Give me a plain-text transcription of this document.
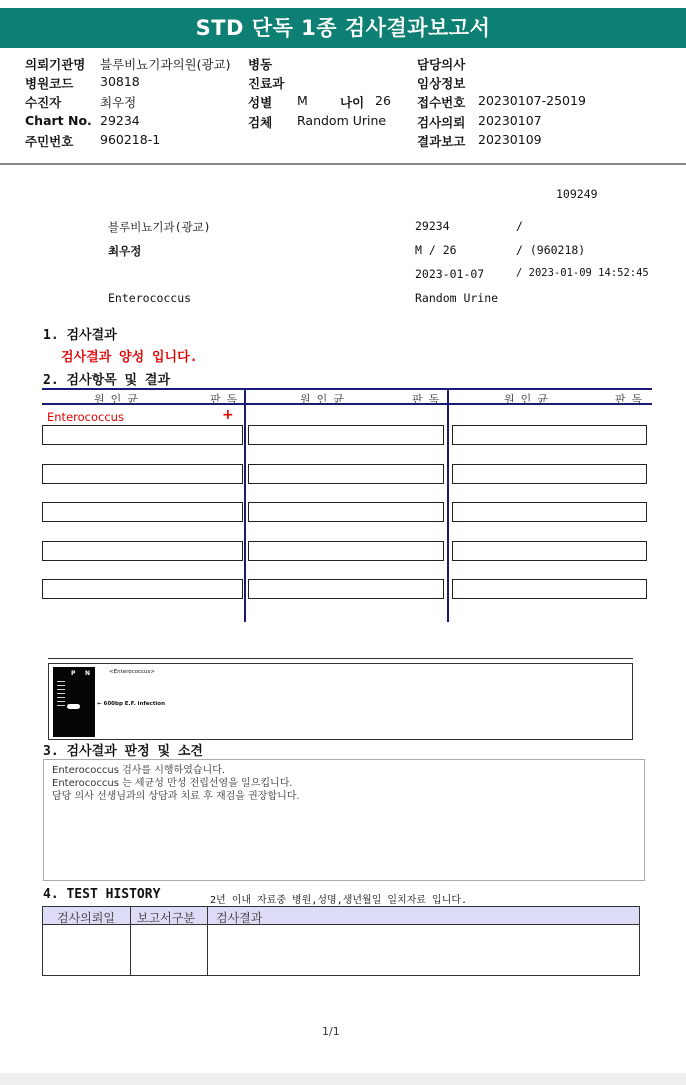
STD 단독 1종 검사결과보고서
의뢰기관명 블루비뇨기과의원(광교) 병동	담당의사
병원코드 30818	진료과	임상정보
수진자	최우정	성별 M	나이 26 접수번호 20230107-25019
Chart No. 29234	검체 Random Urine 검사의뢰 20230107
주민번호 960218-1	결과보고 20230109
109249
블루비뇨기과(광교)	29234	/
최우정	M / 26	/ (960218)
2023-01-07	/ 2023-01-09 14:52:45
Enterococcus	Random Urine
1. 검사결과
검사결과 양성 입니다.
2. 검사항목 및 결과
원인균	판독	원인균	판독	원인균	판독
Enterococcus	+
P N	<Enterococcus>
← 600bp E.F. infection
3. 검사결과 판정 및 소견
Enterococcus 검사를 시행하였습니다.
Enterococcus 는 세균성 만성 전립선염을 일으킵니다.
담당 의사 선생님과의 상담과 치료 후 재검을 권장합니다.
4. TEST HISTORY	2년 이내 자료중 병원,성명,생년월일 일치자료 입니다.
검사의뢰일 보고서구분 검사결과
1/1
